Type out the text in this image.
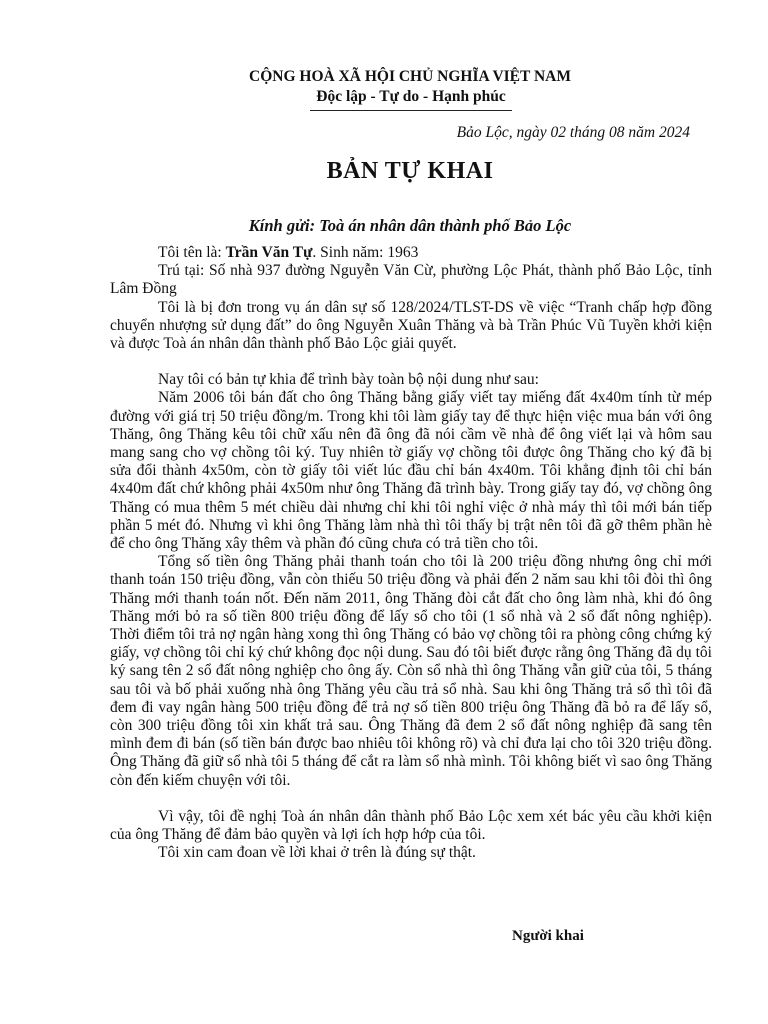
CỘNG HOÀ XÃ HỘI CHỦ NGHĨA VIỆT NAM
Độc lập - Tự do - Hạnh phúc
Bảo Lộc, ngày 02 tháng 08 năm 2024
BẢN TỰ KHAI
Kính gửi: Toà án nhân dân thành phố Bảo Lộc

Tôi tên là: Trần Văn Tự. Sinh năm: 1963

Trú tại: Số nhà 937 đường Nguyễn Văn Cừ, phường Lộc Phát, thành phố Bảo Lộc, tỉnh Lâm Đồng

Tôi là bị đơn trong vụ án dân sự số 128/2024/TLST-DS về việc “Tranh chấp hợp đồng chuyển nhượng sử dụng đất” do ông Nguyễn Xuân Thăng và bà Trần Phúc Vũ Tuyền khởi kiện và được Toà án nhân dân thành phố Bảo Lộc giải quyết.

Nay tôi có bản tự khia để trình bày toàn bộ nội dung như sau:

Năm 2006 tôi bán đất cho ông Thăng bằng giấy viết tay miếng đất 4x40m tính từ mép đường với giá trị 50 triệu đồng/m. Trong khi tôi làm giấy tay để thực hiện việc mua bán với ông Thăng, ông Thăng kêu tôi chữ xấu nên đã ông đã nói cầm về nhà để ông viết lại và hôm sau mang sang cho vợ chồng tôi ký. Tuy nhiên tờ giấy vợ chồng tôi được ông Thăng cho ký đã bị sửa đổi thành 4x50m, còn tờ giấy tôi viết lúc đầu chỉ bán 4x40m. Tôi khẳng định tôi chỉ bán 4x40m đất chứ không phải 4x50m như ông Thăng đã trình bày. Trong giấy tay đó, vợ chồng ông Thăng có mua thêm 5 mét chiều dài nhưng chỉ khi tôi nghỉ việc ở nhà máy thì tôi mới bán tiếp phần 5 mét đó. Nhưng vì khi ông Thăng làm nhà thì tôi thấy bị trật nên tôi đã gỡ thêm phần hè để cho ông Thăng xây thêm và phần đó cũng chưa có trả tiền cho tôi.

Tổng số tiền ông Thăng phải thanh toán cho tôi là 200 triệu đồng nhưng ông chỉ mới thanh toán 150 triệu đồng, vẫn còn thiếu 50 triệu đồng và phải đến 2 năm sau khi tôi đòi thì ông Thăng mới thanh toán nốt. Đến năm 2011, ông Thăng đòi cắt đất cho ông làm nhà, khi đó ông Thăng mới bỏ ra số tiền 800 triệu đồng để lấy sổ cho tôi (1 sổ nhà và 2 sổ đất nông nghiệp). Thời điểm tôi trả nợ ngân hàng xong thì ông Thăng có bảo vợ chồng tôi ra phòng công chứng ký giấy, vợ chồng tôi chỉ ký chứ không đọc nội dung. Sau đó tôi biết được rằng ông Thăng đã dụ tôi ký sang tên 2 sổ đất nông nghiệp cho ông ấy. Còn sổ nhà thì ông Thăng vẫn giữ của tôi, 5 tháng sau tôi và bố phải xuống nhà ông Thăng yêu cầu trả sổ nhà. Sau khi ông Thăng trả sổ thì tôi đã đem đi vay ngân hàng 500 triệu đồng để trả nợ số tiền 800 triệu ông Thăng đã bỏ ra để lấy sổ, còn 300 triệu đồng tôi xin khất trả sau. Ông Thăng đã đem 2 sổ đất nông nghiệp đã sang tên mình đem đi bán (số tiền bán được bao nhiêu tôi không rõ) và chỉ đưa lại cho tôi 320 triệu đồng. Ông Thăng đã giữ sổ nhà tôi 5 tháng để cắt ra làm sổ nhà mình. Tôi không biết vì sao ông Thăng còn đến kiếm chuyện với tôi.

Vì vậy, tôi đề nghị Toà án nhân dân thành phố Bảo Lộc xem xét bác yêu cầu khởi kiện của ông Thăng để đảm bảo quyền và lợi ích hợp hớp của tôi.

Tôi xin cam đoan về lời khai ở trên là đúng sự thật.

Người khai
